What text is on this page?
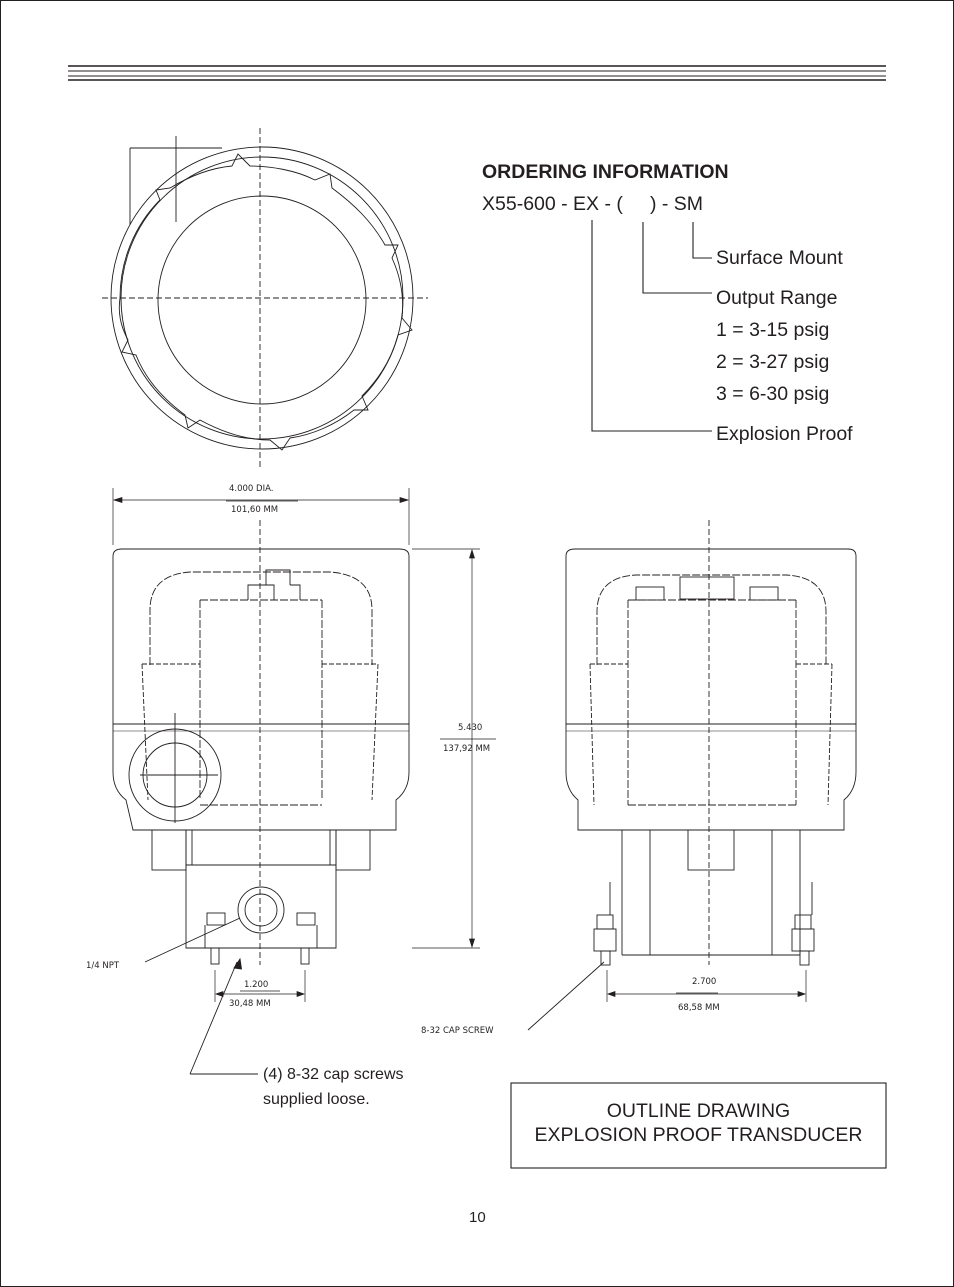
ORDERING INFORMATION
X55-600 - EX - (     ) - SM
Surface Mount
Output Range
1 = 3-15 psig
2 = 3-27 psig
3 = 6-30 psig
Explosion Proof
4.000 DIA.
101,60 MM
5.430
137,92 MM
1.200
30,48 MM
2.700
68,58 MM
1/4 NPT
8-32 CAP SCREW
(4) 8-32 cap screws
supplied loose.
OUTLINE DRAWING
EXPLOSION PROOF TRANSDUCER
10
